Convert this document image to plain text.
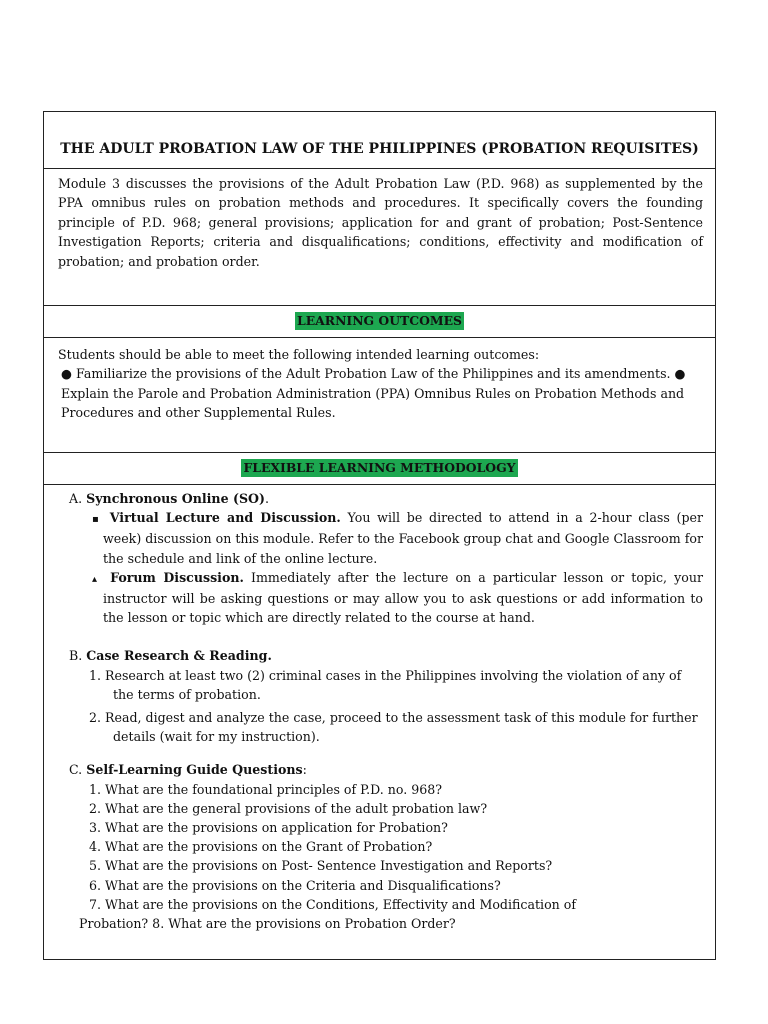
THE ADULT PROBATION LAW OF THE PHILIPPINES (PROBATION REQUISITES)
Module 3 discusses the provisions of the Adult Probation Law (P.D. 968) as supplemented by the PPA omnibus rules on probation methods and procedures. It specifically covers the founding principle of P.D. 968; general provisions; application for and grant of probation; Post-Sentence Investigation Reports; criteria and disqualifications; conditions, effectivity and modification of probation; and probation order.
LEARNING OUTCOMES
Students should be able to meet the following intended learning outcomes:
● Familiarize the provisions of the Adult Probation Law of the Philippines and its amendments. ●
Explain the Parole and Probation Administration (PPA) Omnibus Rules on Probation Methods and
Procedures and other Supplemental Rules.
FLEXIBLE LEARNING METHODOLOGY
A. Synchronous Online (SO).
▪ Virtual Lecture and Discussion. You will be directed to attend in a 2-hour class (per week) discussion on this module. Refer to the Facebook group chat and Google Classroom for the schedule and link of the online lecture.
▴ Forum Discussion. Immediately after the lecture on a particular lesson or topic, your instructor will be asking questions or may allow you to ask questions or add information to the lesson or topic which are directly related to the course at hand.
B. Case Research & Reading.
1. Research at least two (2) criminal cases in the Philippines involving the violation of any of the terms of probation.
2. Read, digest and analyze the case, proceed to the assessment task of this module for further details (wait for my instruction).
C. Self-Learning Guide Questions:
1. What are the foundational principles of P.D. no. 968?
2. What are the general provisions of the adult probation law?
3. What are the provisions on application for Probation?
4. What are the provisions on the Grant of Probation?
5. What are the provisions on Post- Sentence Investigation and Reports?
6. What are the provisions on the Criteria and Disqualifications?
7. What are the provisions on the Conditions, Effectivity and Modification of
Probation? 8. What are the provisions on Probation Order?
